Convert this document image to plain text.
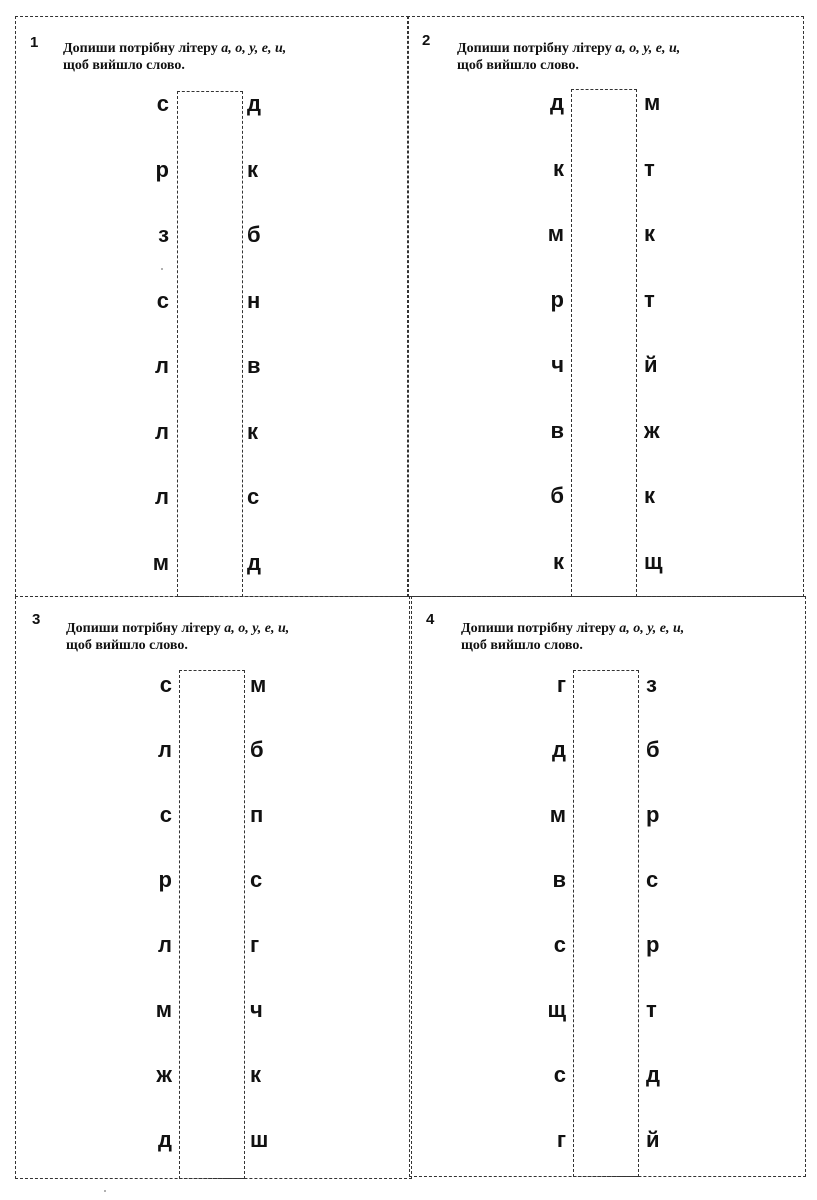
1 Допиши потрібну літеру а, о, у, е, и,
щоб вийшло слово.
2 Допиши потрібну літеру а, о, у, е, и,
щоб вийшло слово.
3
Допиши потрібну літеру а, о, у, е, и,
щоб вийшло слово.
4
Допиши потрібну літеру а, о, у, е, и,
щоб вийшло слово.
с	д
р	к
з	б
с	н
л	в
л	к
л	с
м	д
д	м
к	т
м	к
р	т
ч	й
в	ж
б	к
к	щ
с	м
л	б
с	п
р	с
л	г
м	ч
ж	к
д	ш
г	з
д	б
м	р
в	с
с	р
щ	т
с	д
г	й
